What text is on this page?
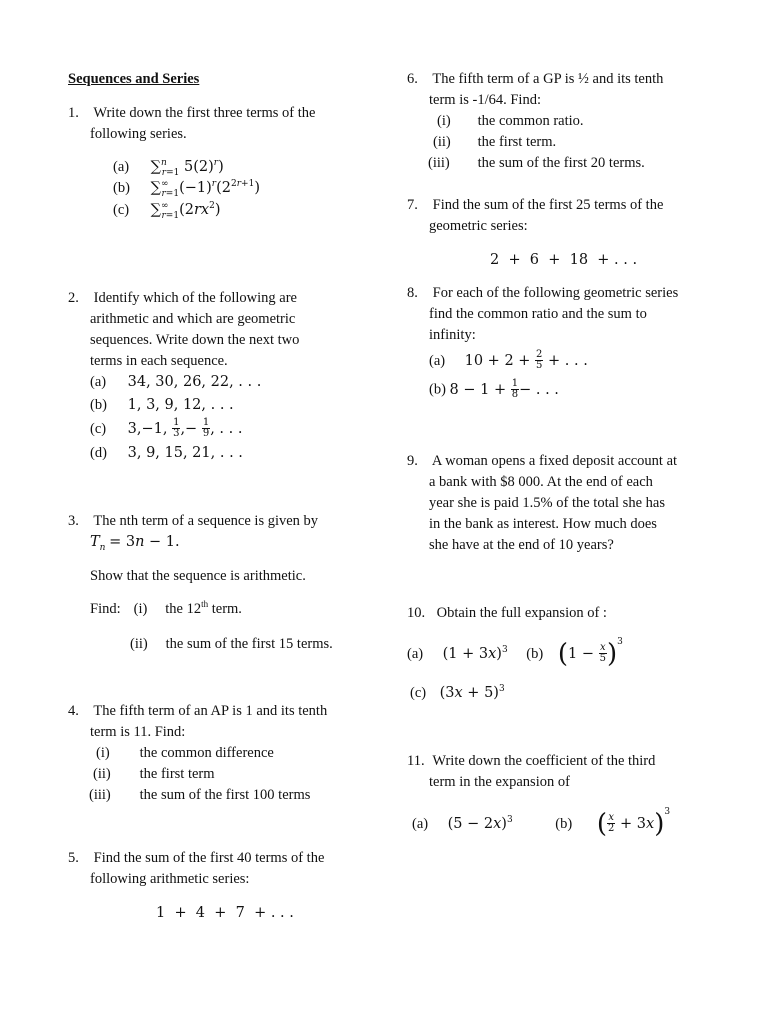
Sequences and Series
1. Write down the first three terms of the
following series.
(a) ∑$^n_{r=1}$ $5(2)^r$)
(b) $\sum^\infty_{r=1}(-1)^r(2^{2r+1})$
(c) $\sum^\infty_{r=1}(2rx^2)$
2. Identify which of the following are
arithmetic and which are geometric
sequences. Write down the next two
terms in each sequence.
(a) 34, 30, 26, 22, . . .
(b) 1, 3, 9, 12, . . .
(c) 3,−1, $\frac{1}{3}$ ,− $\frac{1}{9}$ , . . .
(d) 3, 9, 15, 21, . . .
3. The nth term of a sequence is given by
$T_n = 3n - 1$.
Show that the sequence is arithmetic.
Find: (i) the 12th term.
(ii) the sum of the first 15 terms.
4. The fifth term of an AP is 1 and its tenth
term is 11. Find:
(i) the common difference
(ii) the first term
(iii) the sum of the first 100 terms
5. Find the sum of the first 40 terms of the
following arithmetic series:
1  +  4  +  7  + . . .
6. The fifth term of a GP is ½ and its tenth
term is -1/64. Find:
(i) the common ratio.
(ii) the first term.
(iii) the sum of the first 20 terms.
7. Find the sum of the first 25 terms of the
geometric series:
2  +  6  +  18  + . . .
8. For each of the following geometric series
find the common ratio and the sum to
infinity:
(a) $10 + 2 + \frac{2}{5}$ + . . .
(b) $8 - 1 + \frac{1}{8}$ − . . .
9. A woman opens a fixed deposit account at
a bank with $8 000. At the end of each
year she is paid 1.5% of the total she has
in the bank as interest. How much does
she have at the end of 10 years?
10. Obtain the full expansion of :
(a) $(1 + 3x)^3$ (b) $(1 - \frac{x}{5} )^3$
(c) $(3x + 5)^3$
11. Write down the coefficient of the third
term in the expansion of
(a) $(5 - 2x)^3$	(b) ( $\frac{x}{2} + 3x)^3$
